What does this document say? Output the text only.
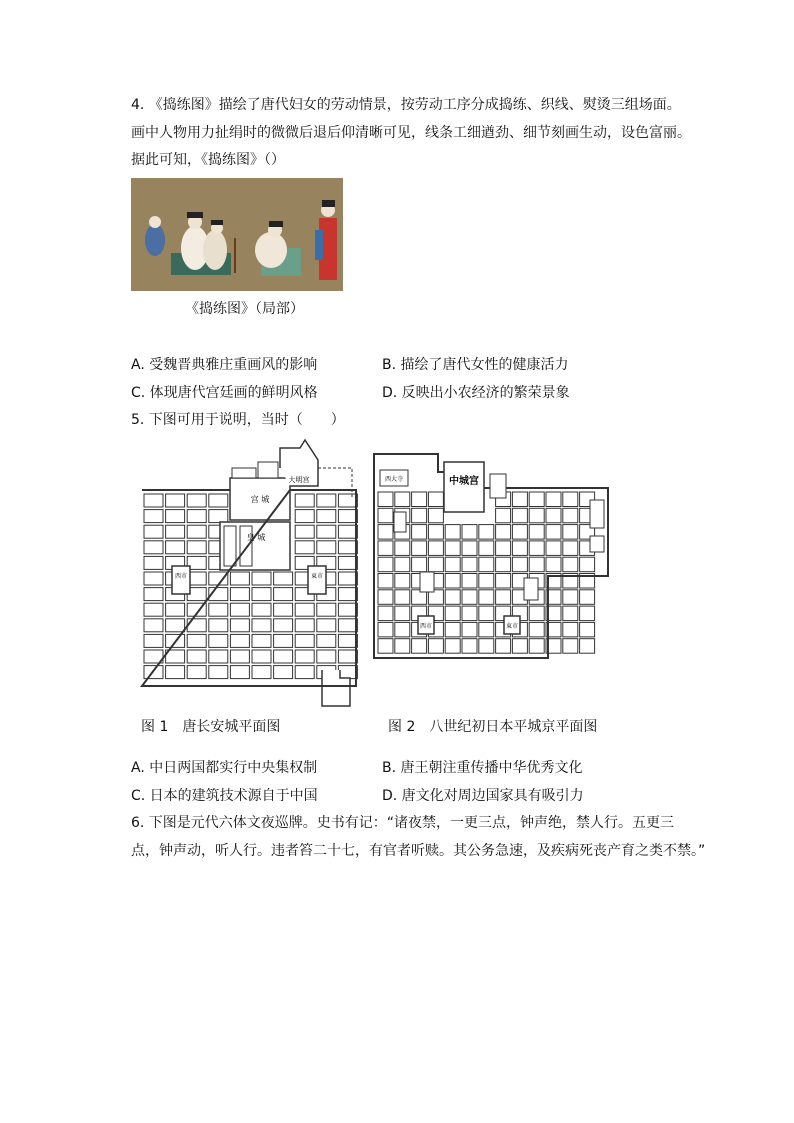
4. 《捣练图》描绘了唐代妇女的劳动情景，按劳动工序分成捣练、织线、熨烫三组场面。
画中人物用力扯绢时的微微后退后仰清晰可见，线条工细遒劲、细节刻画生动，设色富丽。
据此可知，《捣练图》（）
《捣练图》（局部）
A. 受魏晋典雅庄重画风的影响	B. 描绘了唐代女性的健康活力
C. 体现唐代宫廷画的鲜明风格	D. 反映出小农经济的繁荣景象
5. 下图可用于说明，当时（　　）
宫 城
皇 城
大明宫
西市	東市
中城宫
西大寺
西市	東市
图 1　唐长安城平面图	图 2　八世纪初日本平城京平面图
A. 中日两国都实行中央集权制	B. 唐王朝注重传播中华优秀文化
C. 日本的建筑技术源自于中国	D. 唐文化对周边国家具有吸引力
6. 下图是元代六体文夜巡牌。史书有记：“诸夜禁，一更三点，钟声绝，禁人行。五更三
点，钟声动，听人行。违者笞二十七，有官者听赎。其公务急速，及疾病死丧产育之类不禁。”
